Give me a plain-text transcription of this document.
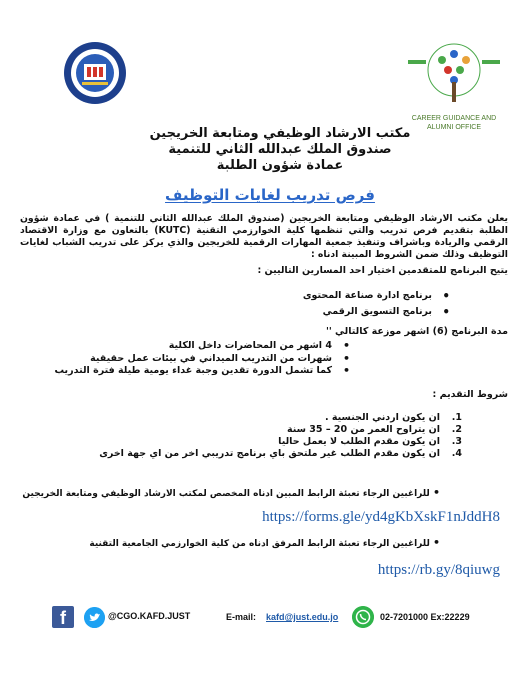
CAREER GUIDANCE AND ALUMNI OFFICE
مكتب الارشاد الوظيفي ومتابعة الخريجين
صندوق الملك عبدالله الثاني للتنمية
عمادة شؤون الطلبة
فرص تدريب لغايات التوظيف
يعلن مكتب الارشاد الوظيفي ومتابعة الخريجين (صندوق الملك عبدالله الثاني للتنمية ) في عمادة شؤون الطلبة بتقديم فرص تدريب والتي تنظمها كلية الخوارزمي التقنية (KUTC) بالتعاون مع وزارة الاقتصاد الرقمي والريادة وباشراف وتنفيذ جمعية المهارات الرقمية للخريجين والذي يركز على تدريب الشباب لغايات التوظيف وذلك ضمن الشروط المبينة ادناه :
يتيح البرنامج للمتقدمين اختيار احد المسارين التاليين :
برنامج ادارة صناعة المحتوى •
برنامج التسويق الرقمي •
مدة البرنامج (6) اشهر موزعة كالتالي ''
4 اشهر من المحاضرات داخل الكلية •
شهرات من التدريب الميداني في بيئات عمل حقيقية •
كما تشمل الدورة تقدين وجبة غداء يومية طيلة فترة التدريب •
شروط التقديم :
1.
ان يكون اردني الجنسية .
2.
ان يتراوح العمر من 20 – 35 سنة
3.
ان يكون مقدم الطلب لا يعمل حاليا
4.
ان يكون مقدم الطلب غير ملتحق باي برنامج تدريبي اخر من اي جهة اخرى
• للراغبين الرجاء تعبئة الرابط المبين ادناه المخصص لمكتب الارشاد الوظيفي ومتابعة الخريجين
https://forms.gle/yd4gKbXskF1nJddH8
• للراغبين الرجاء تعبئة الرابط المرفق ادناه من كلية الخوارزمي الجامعية التقنية
https://rb.gy/8qiuwg
f	@CGO.KAFD.JUST	E-mail: kafd@just.edu.jo	02-7201000 Ex:22229
